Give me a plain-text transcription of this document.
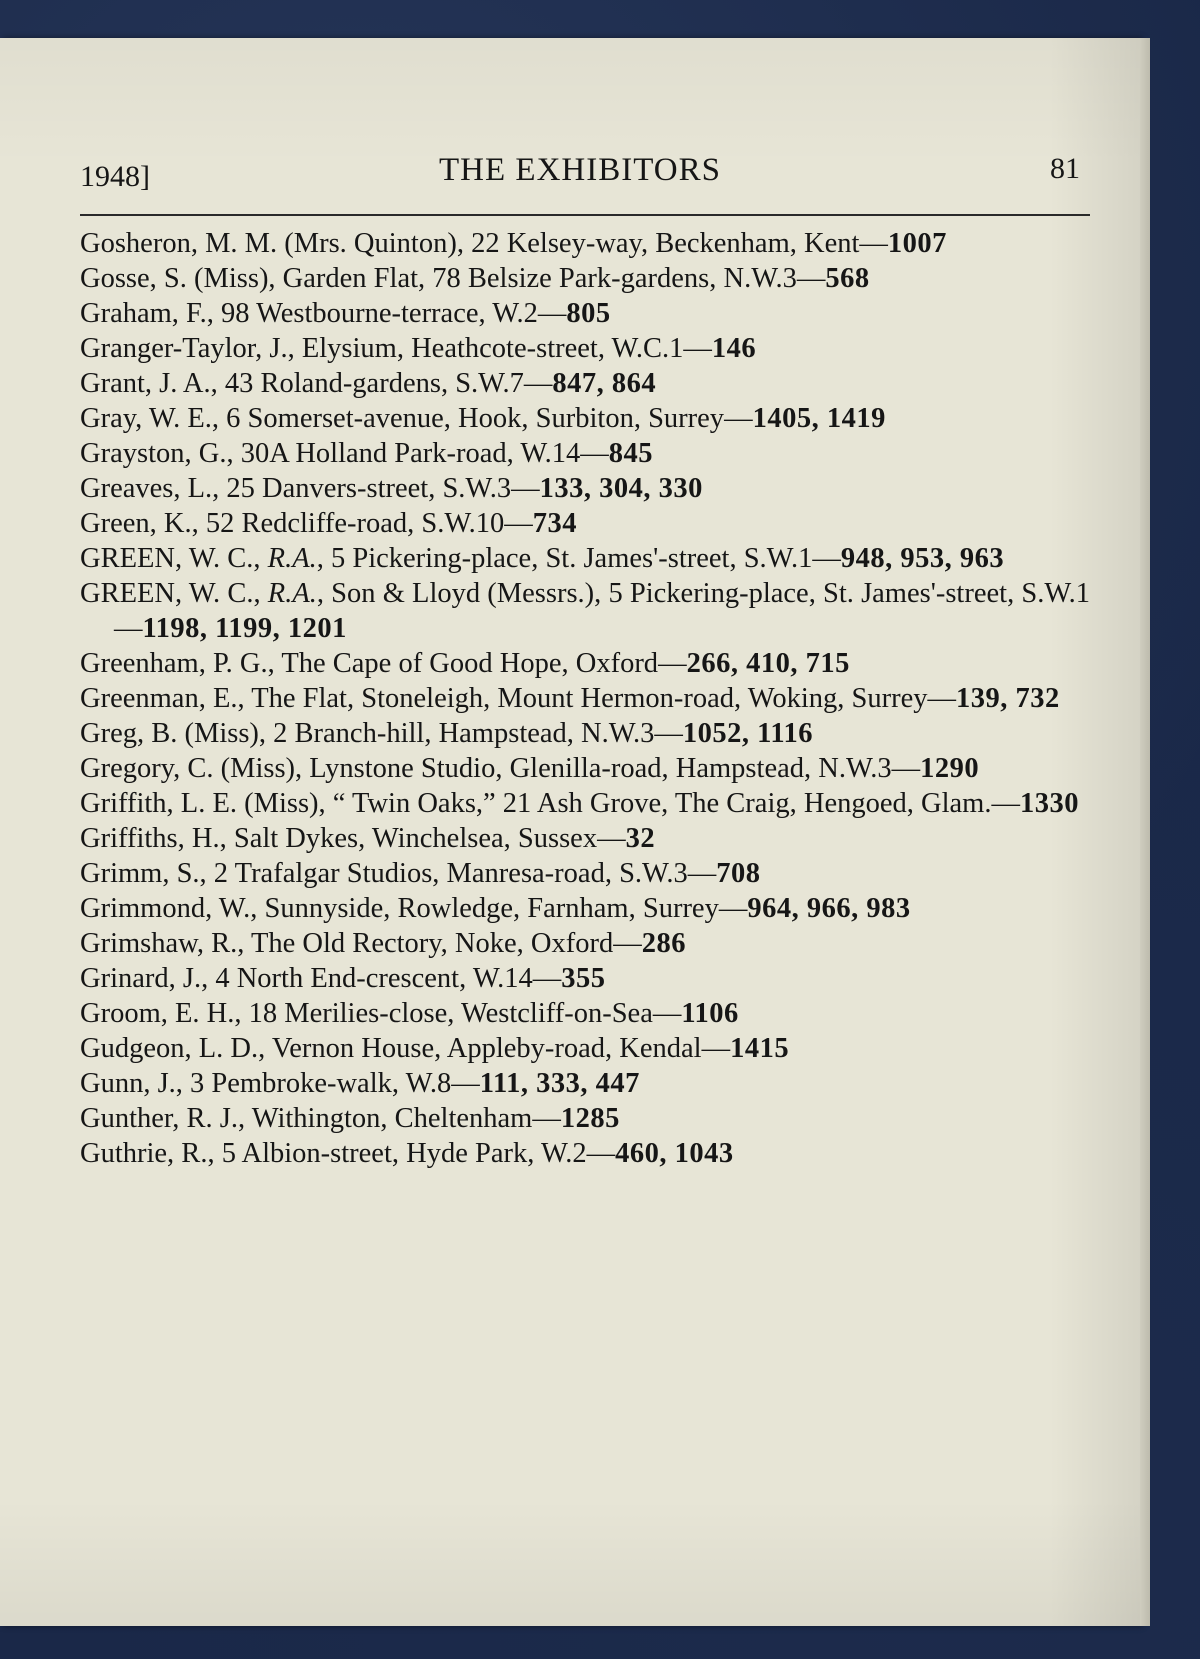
1948]	THE EXHIBITORS	81
Gosheron, M. M. (Mrs. Quinton), 22 Kelsey-way, Beckenham, Kent—1007
Gosse, S. (Miss), Garden Flat, 78 Belsize Park-gardens, N.W.3—568
Graham, F., 98 Westbourne-terrace, W.2—805
Granger-Taylor, J., Elysium, Heathcote-street, W.C.1—146
Grant, J. A., 43 Roland-gardens, S.W.7—847, 864
Gray, W. E., 6 Somerset-avenue, Hook, Surbiton, Surrey—1405, 1419
Grayston, G., 30A Holland Park-road, W.14—845
Greaves, L., 25 Danvers-street, S.W.3—133, 304, 330
Green, K., 52 Redcliffe-road, S.W.10—734
GREEN, W. C., R.A., 5 Pickering-place, St. James'-street, S.W.1—948, 953, 963
GREEN, W. C., R.A., Son & Lloyd (Messrs.), 5 Pickering-place, St. James'-street, S.W.1—1198, 1199, 1201
Greenham, P. G., The Cape of Good Hope, Oxford—266, 410, 715
Greenman, E., The Flat, Stoneleigh, Mount Hermon-road, Woking, Surrey—139, 732
Greg, B. (Miss), 2 Branch-hill, Hampstead, N.W.3—1052, 1116
Gregory, C. (Miss), Lynstone Studio, Glenilla-road, Hampstead, N.W.3—1290
Griffith, L. E. (Miss), “ Twin Oaks,” 21 Ash Grove, The Craig, Hengoed, Glam.—1330
Griffiths, H., Salt Dykes, Winchelsea, Sussex—32
Grimm, S., 2 Trafalgar Studios, Manresa-road, S.W.3—708
Grimmond, W., Sunnyside, Rowledge, Farnham, Surrey—964, 966, 983
Grimshaw, R., The Old Rectory, Noke, Oxford—286
Grinard, J., 4 North End-crescent, W.14—355
Groom, E. H., 18 Merilies-close, Westcliff-on-Sea—1106
Gudgeon, L. D., Vernon House, Appleby-road, Kendal—1415
Gunn, J., 3 Pembroke-walk, W.8—111, 333, 447
Gunther, R. J., Withington, Cheltenham—1285
Guthrie, R., 5 Albion-street, Hyde Park, W.2—460, 1043
